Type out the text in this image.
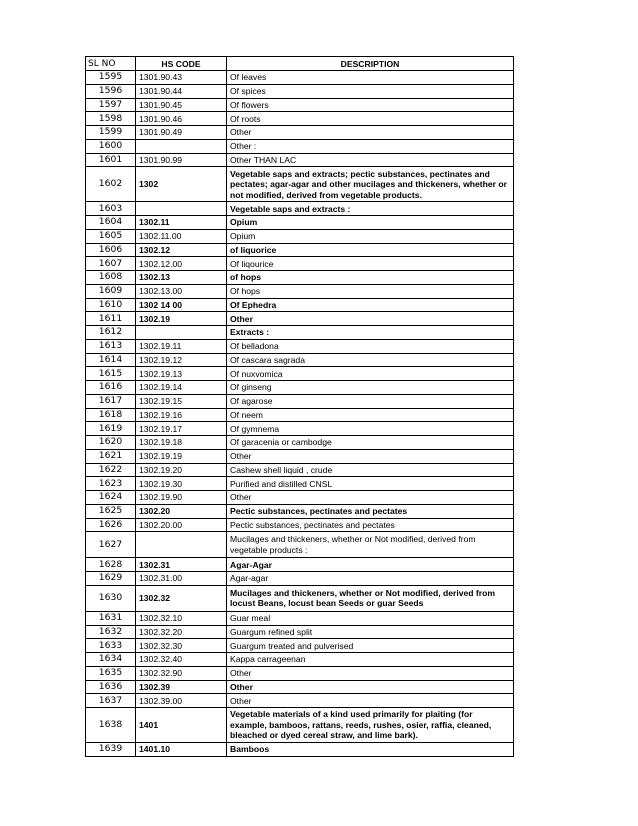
SL NO	HS CODE	DESCRIPTION
1595	1301.90.43	Of leaves
1596	1301.90.44	Of spices
1597	1301.90.45	Of flowers
1598	1301.90.46	Of roots
1599	1301.90.49	Other
1600		Other :
1601	1301.90.99	Other THAN LAC
1602	1302	Vegetable saps and extracts; pectic substances, pectinates and pectates; agar-agar and other mucilages and thickeners, whether or not modified, derived from vegetable products.
1603		Vegetable saps and extracts :
1604	1302.11	Opium
1605	1302.11.00	Opium
1606	1302.12	of liquorice
1607	1302.12.00	Of liqourice
1608	1302.13	of hops
1609	1302.13.00	Of hops
1610	1302 14 00	Of Ephedra
1611	1302.19	Other
1612		Extracts :
1613	1302.19.11	Of belladona
1614	1302.19.12	Of cascara sagrada
1615	1302.19.13	Of nuxvomica
1616	1302.19.14	Of ginseng
1617	1302.19.15	Of agarose
1618	1302.19.16	Of neem
1619	1302.19.17	Of gymnema
1620	1302.19.18	Of garacenia or cambodge
1621	1302.19.19	Other
1622	1302.19.20	Cashew shell liquid , crude
1623	1302.19.30	Purified and distilled CNSL
1624	1302.19.90	Other
1625	1302.20	Pectic substances, pectinates and pectates
1626	1302.20.00	Pectic substances, pectinates and pectates
1627		Mucilages and thickeners, whether or Not modified, derived from vegetable products :
1628	1302.31	Agar-Agar
1629	1302.31.00	Agar-agar
1630	1302.32	Mucilages and thickeners, whether or Not modified, derived from locust Beans, locust bean Seeds or guar Seeds
1631	1302.32.10	Guar meal
1632	1302.32.20	Guargum refined split
1633	1302.32.30	Guargum treated and pulverised
1634	1302.32.40	Kappa carrageenan
1635	1302.32.90	Other
1636	1302.39	Other
1637	1302.39.00	Other
1638	1401	Vegetable materials of a kind used primarily for plaiting (for example, bamboos, rattans, reeds, rushes, osier, raffia, cleaned, bleached or dyed cereal straw, and lime bark).
1639	1401.10	Bamboos
